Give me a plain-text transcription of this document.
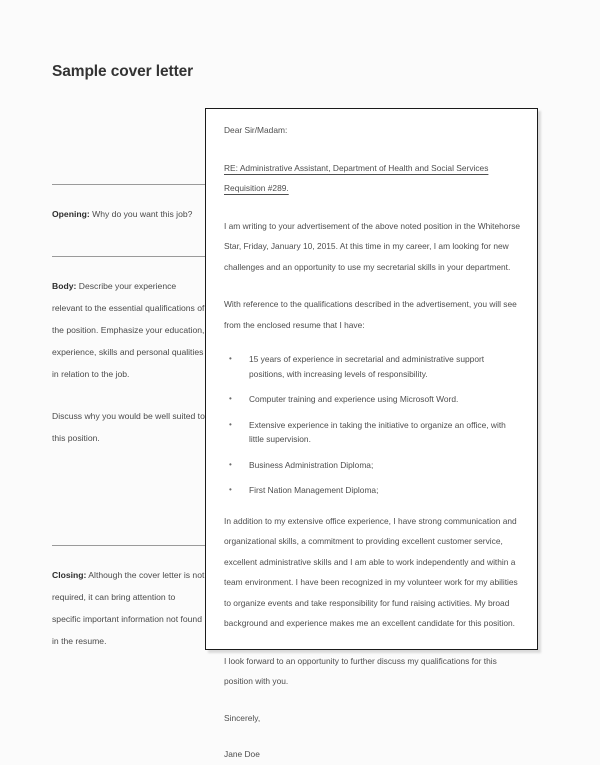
Sample cover letter

Opening: Why do you want this job?

Body: Describe your experience relevant to the essential qualifications of the position. Emphasize your education, experience, skills and personal qualities in relation to the job.

Discuss why you would be well suited to this position.

Closing: Although the cover letter is not required, it can bring attention to specific important information not found in the resume.

Dear Sir/Madam:

RE: Administrative Assistant, Department of Health and Social Services Requisition #289.

I am writing to your advertisement of the above noted position in the Whitehorse Star, Friday, January 10, 2015. At this time in my career, I am looking for new challenges and an opportunity to use my secretarial skills in your department.

With reference to the qualifications described in the advertisement, you will see from the enclosed resume that I have:

• 15 years of experience in secretarial and administrative support positions, with increasing levels of responsibility.
• Computer training and experience using Microsoft Word.
• Extensive experience in taking the initiative to organize an office, with little supervision.
• Business Administration Diploma;
• First Nation Management Diploma;

In addition to my extensive office experience, I have strong communication and organizational skills, a commitment to providing excellent customer service, excellent administrative skills and I am able to work independently and within a team environment. I have been recognized in my volunteer work for my abilities to organize events and take responsibility for fund raising activities. My broad background and experience makes me an excellent candidate for this position.

I look forward to an opportunity to further discuss my qualifications for this position with you.

Sincerely,

Jane Doe
